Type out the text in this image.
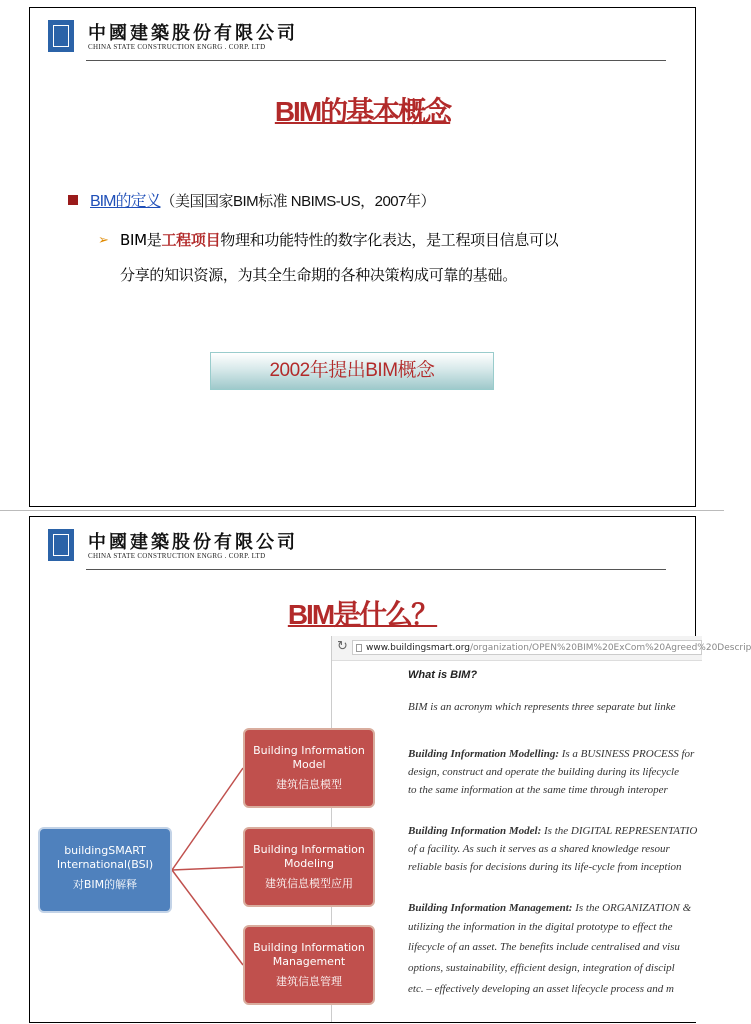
中國建築股份有限公司
CHINA STATE CONSTRUCTION ENGRG . CORP. LTD
BIM的基本概念
BIM的定义（美国国家BIM标准 NBIMS-US，2007年）
➢ BIM是工程项目物理和功能特性的数字化表达，是工程项目信息可以
分享的知识资源，为其全生命期的各种决策构成可靠的基础。
2002年提出BIM概念
中國建築股份有限公司
CHINA STATE CONSTRUCTION ENGRG . CORP. LTD
BIM是什么？
↻	www.buildingsmart.org/organization/OPEN%20BIM%20ExCom%20Agreed%20Descrip
What is BIM?
BIM is an acronym which represents three separate but linke
Building Information Modelling: Is a BUSINESS PROCESS for
design, construct and operate the building during its lifecycle
to the same information at the same time through interoper
Building Information Model: Is the DIGITAL REPRESENTATIO
of a facility. As such it serves as a shared knowledge resour
reliable basis for decisions during its life-cycle from inception
Building Information Management: Is the ORGANIZATION &
utilizing the information in the digital prototype to effect the
lifecycle of an asset. The benefits include centralised and visu
options, sustainability, efficient design, integration of discipl
etc. – effectively developing an asset lifecycle process and m
buildingSMART
International(BSI)
对BIM的解释
Building Information
Model
建筑信息模型
Building Information
Modeling
建筑信息模型应用
Building Information
Management
建筑信息管理
